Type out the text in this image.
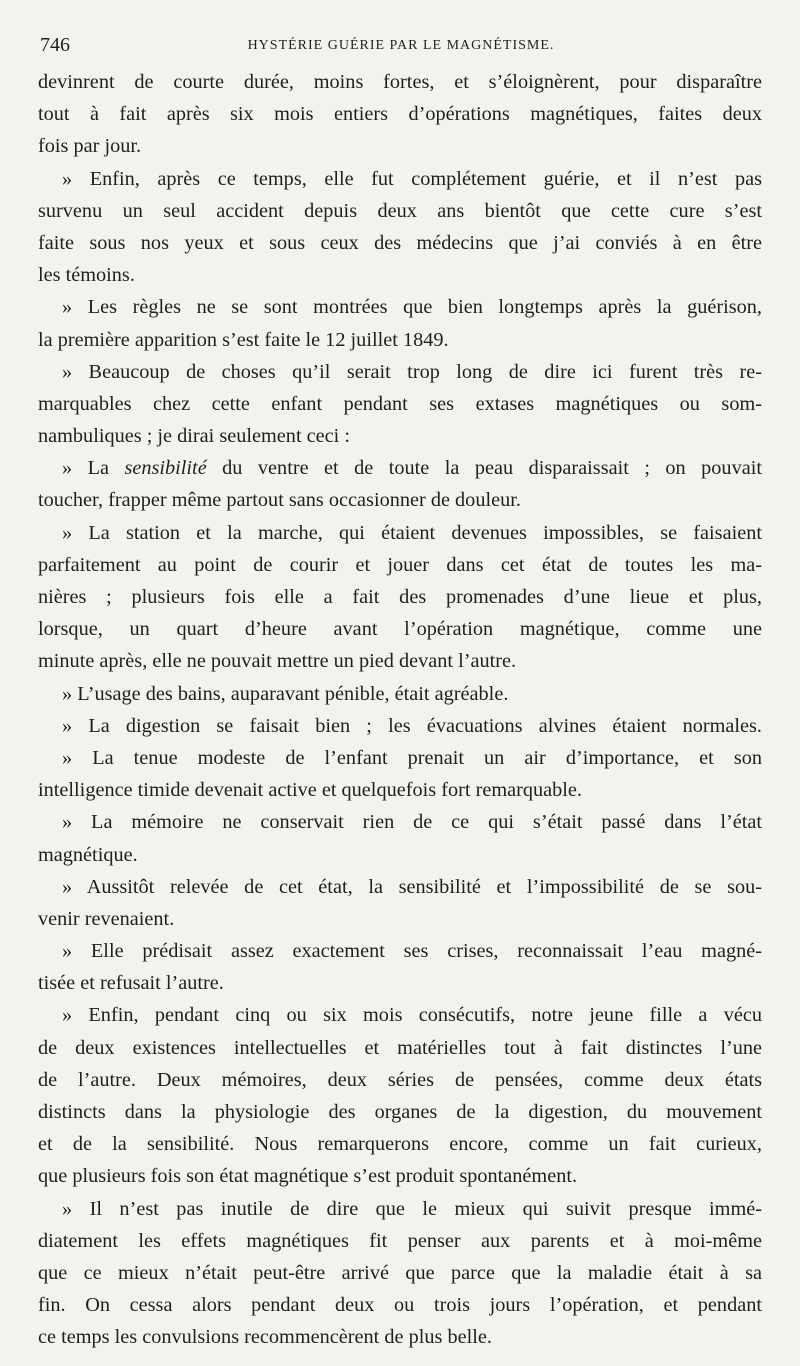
746	HYSTÉRIE GUÉRIE PAR LE MAGNÉTISME.
devinrent de courte durée, moins fortes, et s’éloignèrent, pour disparaître
tout à fait après six mois entiers d’opérations magnétiques, faites deux
fois par jour.
» Enfin, après ce temps, elle fut complétement guérie, et il n’est pas
survenu un seul accident depuis deux ans bientôt que cette cure s’est
faite sous nos yeux et sous ceux des médecins que j’ai conviés à en être
les témoins.
» Les règles ne se sont montrées que bien longtemps après la guérison,
la première apparition s’est faite le 12 juillet 1849.
» Beaucoup de choses qu’il serait trop long de dire ici furent très re-
marquables chez cette enfant pendant ses extases magnétiques ou som-
nambuliques ; je dirai seulement ceci :
» La sensibilité du ventre et de toute la peau disparaissait ; on pouvait
toucher, frapper même partout sans occasionner de douleur.
» La station et la marche, qui étaient devenues impossibles, se faisaient
parfaitement au point de courir et jouer dans cet état de toutes les ma-
nières ; plusieurs fois elle a fait des promenades d’une lieue et plus,
lorsque, un quart d’heure avant l’opération magnétique, comme une
minute après, elle ne pouvait mettre un pied devant l’autre.
» L’usage des bains, auparavant pénible, était agréable.
» La digestion se faisait bien ; les évacuations alvines étaient normales.
» La tenue modeste de l’enfant prenait un air d’importance, et son
intelligence timide devenait active et quelquefois fort remarquable.
» La mémoire ne conservait rien de ce qui s’était passé dans l’état
magnétique.
» Aussitôt relevée de cet état, la sensibilité et l’impossibilité de se sou-
venir revenaient.
» Elle prédisait assez exactement ses crises, reconnaissait l’eau magné-
tisée et refusait l’autre.
» Enfin, pendant cinq ou six mois consécutifs, notre jeune fille a vécu
de deux existences intellectuelles et matérielles tout à fait distinctes l’une
de l’autre. Deux mémoires, deux séries de pensées, comme deux états
distincts dans la physiologie des organes de la digestion, du mouvement
et de la sensibilité. Nous remarquerons encore, comme un fait curieux,
que plusieurs fois son état magnétique s’est produit spontanément.
» Il n’est pas inutile de dire que le mieux qui suivit presque immé-
diatement les effets magnétiques fit penser aux parents et à moi-même
que ce mieux n’était peut-être arrivé que parce que la maladie était à sa
fin. On cessa alors pendant deux ou trois jours l’opération, et pendant
ce temps les convulsions recommencèrent de plus belle.
